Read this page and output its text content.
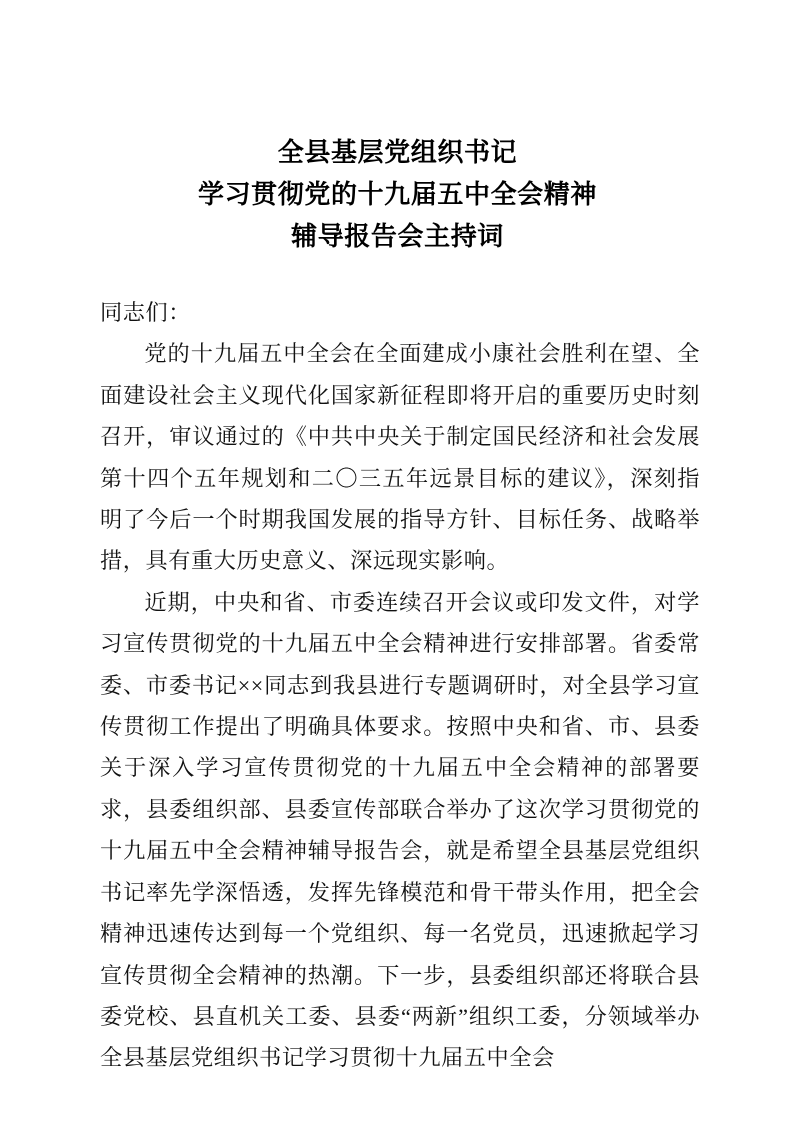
全县基层党组织书记
学习贯彻党的十九届五中全会精神
辅导报告会主持词

同志们：

党的十九届五中全会在全面建成小康社会胜利在望、全面建设社会主义现代化国家新征程即将开启的重要历史时刻召开，审议通过的《中共中央关于制定国民经济和社会发展第十四个五年规划和二〇三五年远景目标的建议》，深刻指明了今后一个时期我国发展的指导方针、目标任务、战略举措，具有重大历史意义、深远现实影响。

近期，中央和省、市委连续召开会议或印发文件，对学习宣传贯彻党的十九届五中全会精神进行安排部署。省委常委、市委书记××同志到我县进行专题调研时，对全县学习宣传贯彻工作提出了明确具体要求。按照中央和省、市、县委关于深入学习宣传贯彻党的十九届五中全会精神的部署要求，县委组织部、县委宣传部联合举办了这次学习贯彻党的十九届五中全会精神辅导报告会，就是希望全县基层党组织书记率先学深悟透，发挥先锋模范和骨干带头作用，把全会精神迅速传达到每一个党组织、每一名党员，迅速掀起学习宣传贯彻全会精神的热潮。下一步，县委组织部还将联合县委党校、县直机关工委、县委“两新”组织工委，分领域举办全县基层党组织书记学习贯彻十九届五中全会
